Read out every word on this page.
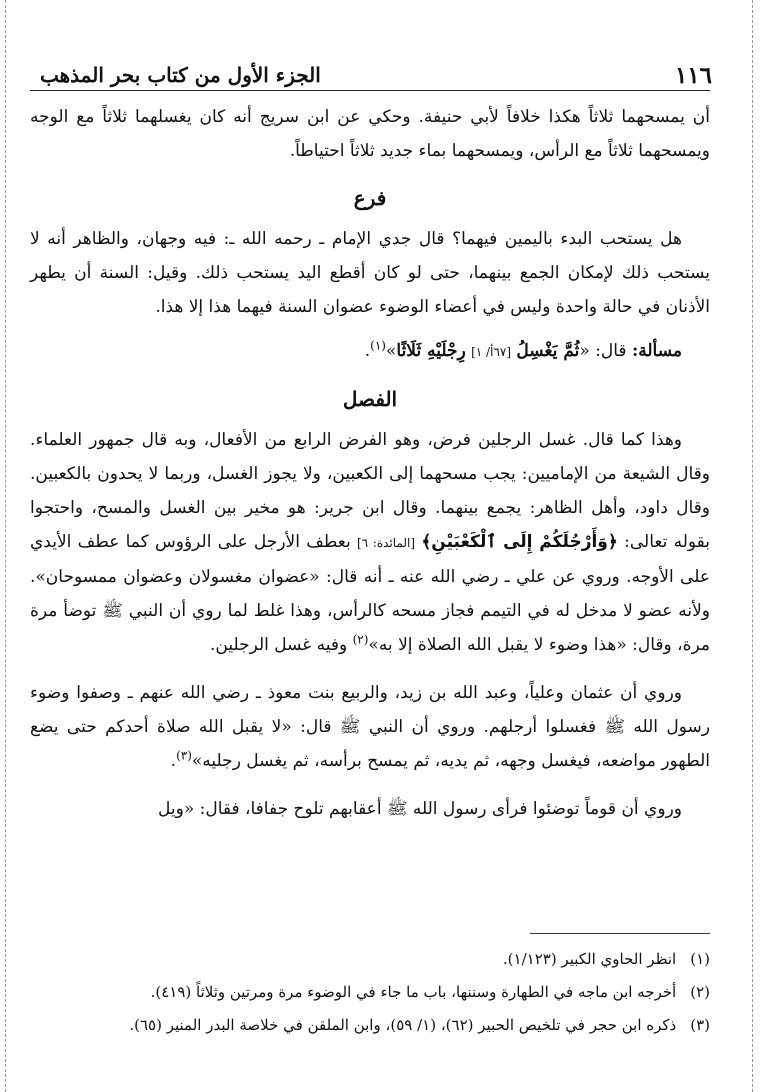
الجزء الأول من كتاب بحر المذهب	١١٦

أن يمسحهما ثلاثاً هكذا خلافاً لأبي حنيفة. وحكي عن ابن سريج أنه كان يغسلهما ثلاثاً مع الوجه ويمسحهما ثلاثاً مع الرأس، ويمسحهما بماء جديد ثلاثاً احتياطاً.

فرع

هل يستحب البدء باليمين فيهما؟ قال جدي الإمام ـ رحمه الله ـ: فيه وجهان، والظاهر أنه لا يستحب ذلك لإمكان الجمع بينهما، حتى لو كان أقطع اليد يستحب ذلك. وقيل: السنة أن يطهر الأذنان في حالة واحدة وليس في أعضاء الوضوء عضوان السنة فيهما هذا إلا هذا.

مسألة: قال: «ثُمَّ يَغْسِلُ [٦٧أ/ ١] رِجْلَيْهِ ثَلَاثًا»$^{(١)}$.

الفصل

وهذا كما قال. غسل الرجلين فرض، وهو الفرض الرابع من الأفعال، وبه قال جمهور العلماء. وقال الشيعة من الإماميين: يجب مسحهما إلى الكعبين، ولا يجوز الغسل، وربما لا يحدون بالكعبين. وقال داود، وأهل الظاهر: يجمع بينهما. وقال ابن جرير: هو مخير بين الغسل والمسح، واحتجوا بقوله تعالى: ﴿وَأَرْجُلَكُمْ إِلَى ٱلْكَعْبَيْنِ﴾ [المائدة: ٦] بعطف الأرجل على الرؤوس كما عطف الأيدي على الأوجه. وروي عن علي ـ رضي الله عنه ـ أنه قال: «عضوان مغسولان وعضوان ممسوحان». ولأنه عضو لا مدخل له في التيمم فجاز مسحه كالرأس، وهذا غلط لما روي أن النبي ﷺ توضأ مرة مرة، وقال: «هذا وضوء لا يقبل الله الصلاة إلا به»$^{(٢)}$ وفيه غسل الرجلين.

وروي أن عثمان وعلياً، وعبد الله بن زيد، والربيع بنت معوذ ـ رضي الله عنهم ـ وصفوا وضوء رسول الله ﷺ فغسلوا أرجلهم. وروي أن النبي ﷺ قال: «لا يقبل الله صلاة أحدكم حتى يضع الطهور مواضعه، فيغسل وجهه، ثم يديه، ثم يمسح برأسه، ثم يغسل رجليه»$^{(٣)}$.

وروي أن قوماً توضئوا فرأى رسول الله ﷺ أعقابهم تلوح جفافا، فقال: «ويل

(١)انظر الحاوي الكبير (١/١٢٣).

(٢)أخرجه ابن ماجه في الطهارة وسننها، باب ما جاء في الوضوء مرة ومرتين وثلاثاً (٤١٩).

(٣)ذكره ابن حجر في تلخيص الحبير (٦٢)، (١/ ٥٩)، وابن الملقن في خلاصة البدر المنير (٦٥).
